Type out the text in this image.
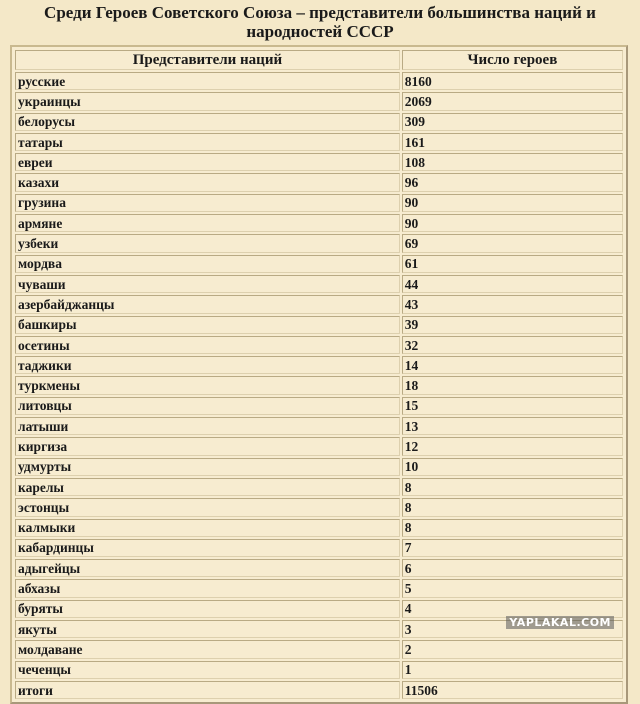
Среди Героев Советского Союза – представители большинства наций и народностей СССР
Представители наций	Число героев
русские	8160
украинцы	2069
белорусы	309
татары	161
евреи	108
казахи	96
грузина	90
армяне	90
узбеки	69
мордва	61
чуваши	44
азербайджанцы	43
башкиры	39
осетины	32
таджики	14
туркмены	18
литовцы	15
латыши	13
киргиза	12
удмурты	10
карелы	8
эстонцы	8
калмыки	8
кабардинцы	7
адыгейцы	6
абхазы	5
буряты	4
якуты	3
молдаване	2
чеченцы	1
итоги	11506
YAPLAKAL.COM
